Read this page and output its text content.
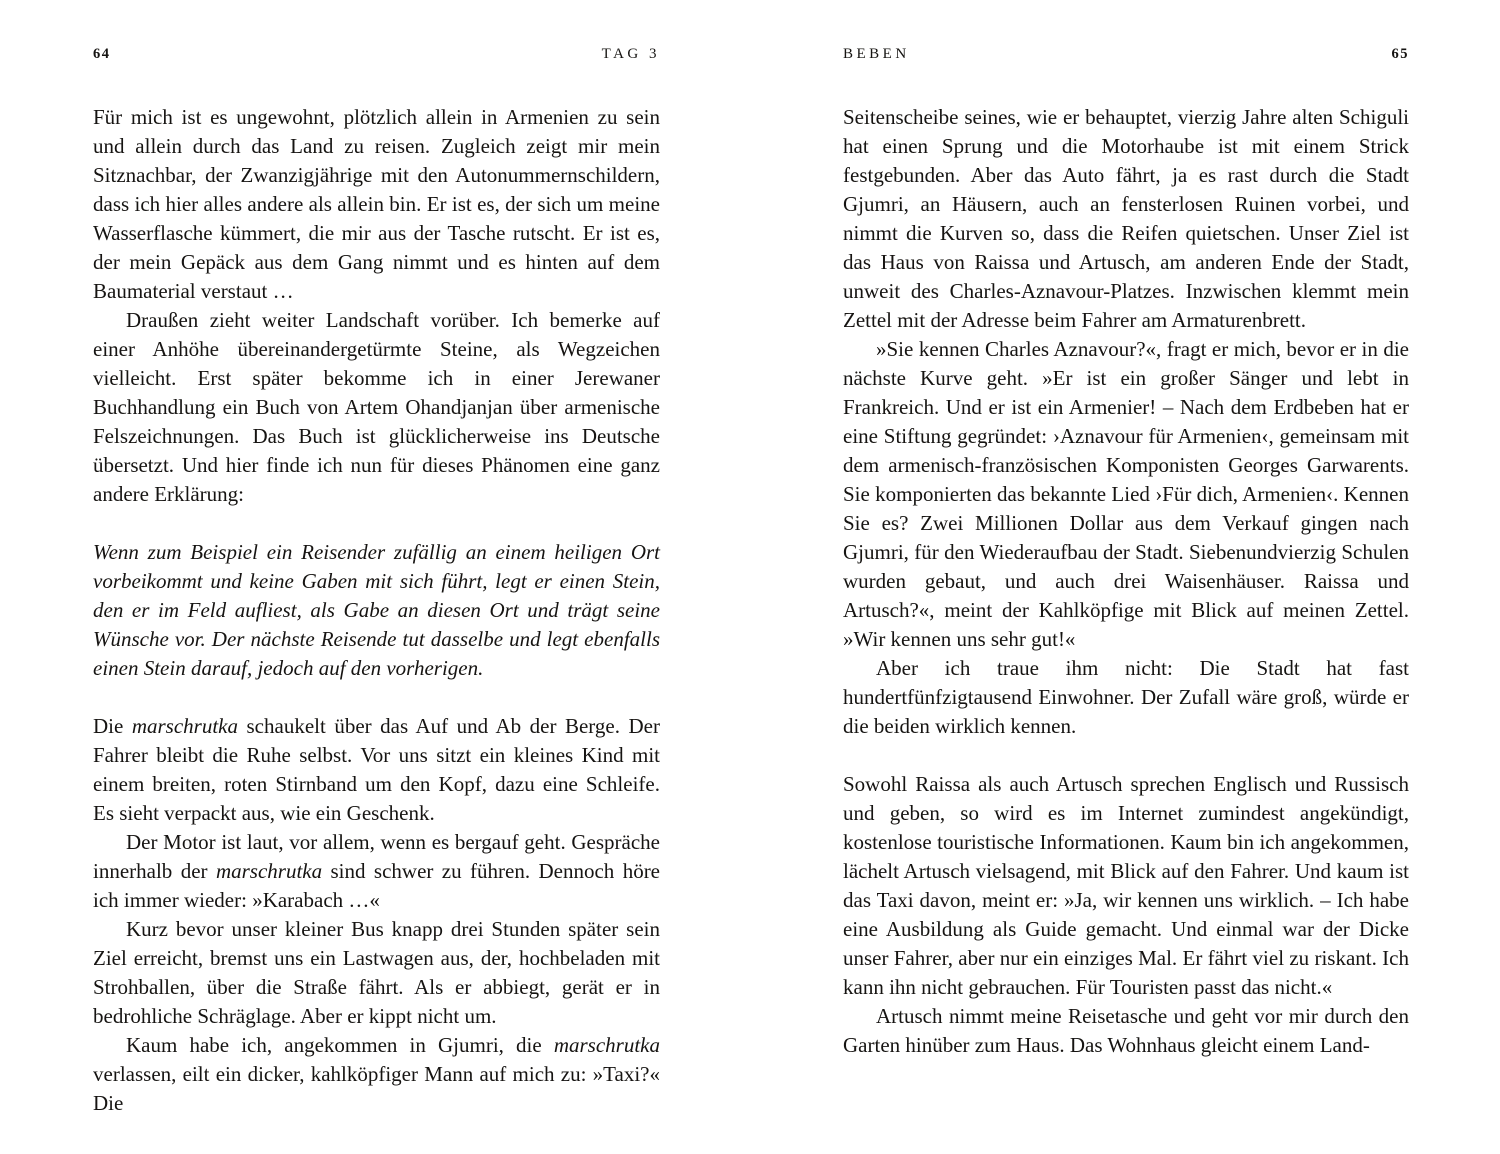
64	TAG 3

Für mich ist es ungewohnt, plötzlich allein in Armenien zu sein und allein durch das Land zu reisen. Zugleich zeigt mir mein Sitznachbar, der Zwanzigjährige mit den Autonummernschildern, dass ich hier alles andere als allein bin. Er ist es, der sich um meine Wasserflasche kümmert, die mir aus der Tasche rutscht. Er ist es, der mein Gepäck aus dem Gang nimmt und es hinten auf dem Baumaterial verstaut …

Draußen zieht weiter Landschaft vorüber. Ich bemerke auf einer Anhöhe übereinandergetürmte Steine, als Wegzeichen vielleicht. Erst später bekomme ich in einer Jerewaner Buchhandlung ein Buch von Artem Ohandjanjan über armenische Felszeichnungen. Das Buch ist glücklicherweise ins Deutsche übersetzt. Und hier finde ich nun für dieses Phänomen eine ganz andere Erklärung:

Wenn zum Beispiel ein Reisender zufällig an einem heiligen Ort vorbeikommt und keine Gaben mit sich führt, legt er einen Stein, den er im Feld aufliest, als Gabe an diesen Ort und trägt seine Wünsche vor. Der nächste Reisende tut dasselbe und legt ebenfalls einen Stein darauf, jedoch auf den vorherigen.

Die marschrutka schaukelt über das Auf und Ab der Berge. Der Fahrer bleibt die Ruhe selbst. Vor uns sitzt ein kleines Kind mit einem breiten, roten Stirnband um den Kopf, dazu eine Schleife. Es sieht verpackt aus, wie ein Geschenk.

Der Motor ist laut, vor allem, wenn es bergauf geht. Gespräche innerhalb der marschrutka sind schwer zu führen. Dennoch höre ich immer wieder: »Karabach …«

Kurz bevor unser kleiner Bus knapp drei Stunden später sein Ziel erreicht, bremst uns ein Lastwagen aus, der, hochbeladen mit Strohballen, über die Straße fährt. Als er abbiegt, gerät er in bedrohliche Schräglage. Aber er kippt nicht um.

Kaum habe ich, angekommen in Gjumri, die marschrutka verlassen, eilt ein dicker, kahlköpfiger Mann auf mich zu: »Taxi?« Die

BEBEN	65

Seitenscheibe seines, wie er behauptet, vierzig Jahre alten Schiguli hat einen Sprung und die Motorhaube ist mit einem Strick festgebunden. Aber das Auto fährt, ja es rast durch die Stadt Gjumri, an Häusern, auch an fensterlosen Ruinen vorbei, und nimmt die Kurven so, dass die Reifen quietschen. Unser Ziel ist das Haus von Raissa und Artusch, am anderen Ende der Stadt, unweit des Charles-Aznavour-Platzes. Inzwischen klemmt mein Zettel mit der Adresse beim Fahrer am Armaturenbrett.

»Sie kennen Charles Aznavour?«, fragt er mich, bevor er in die nächste Kurve geht. »Er ist ein großer Sänger und lebt in Frankreich. Und er ist ein Armenier! – Nach dem Erdbeben hat er eine Stiftung gegründet: ›Aznavour für Armenien‹, gemeinsam mit dem armenisch-französischen Komponisten Georges Garwarents. Sie komponierten das bekannte Lied ›Für dich, Armenien‹. Kennen Sie es? Zwei Millionen Dollar aus dem Verkauf gingen nach Gjumri, für den Wiederaufbau der Stadt. Siebenundvierzig Schulen wurden gebaut, und auch drei Waisenhäuser. Raissa und Artusch?«, meint der Kahlköpfige mit Blick auf meinen Zettel. »Wir kennen uns sehr gut!«

Aber ich traue ihm nicht: Die Stadt hat fast hundertfünfzigtausend Einwohner. Der Zufall wäre groß, würde er die beiden wirklich kennen.

Sowohl Raissa als auch Artusch sprechen Englisch und Russisch und geben, so wird es im Internet zumindest angekündigt, kostenlose touristische Informationen. Kaum bin ich angekommen, lächelt Artusch vielsagend, mit Blick auf den Fahrer. Und kaum ist das Taxi davon, meint er: »Ja, wir kennen uns wirklich. – Ich habe eine Ausbildung als Guide gemacht. Und einmal war der Dicke unser Fahrer, aber nur ein einziges Mal. Er fährt viel zu riskant. Ich kann ihn nicht gebrauchen. Für Touristen passt das nicht.«

Artusch nimmt meine Reisetasche und geht vor mir durch den Garten hinüber zum Haus. Das Wohnhaus gleicht einem Land-
